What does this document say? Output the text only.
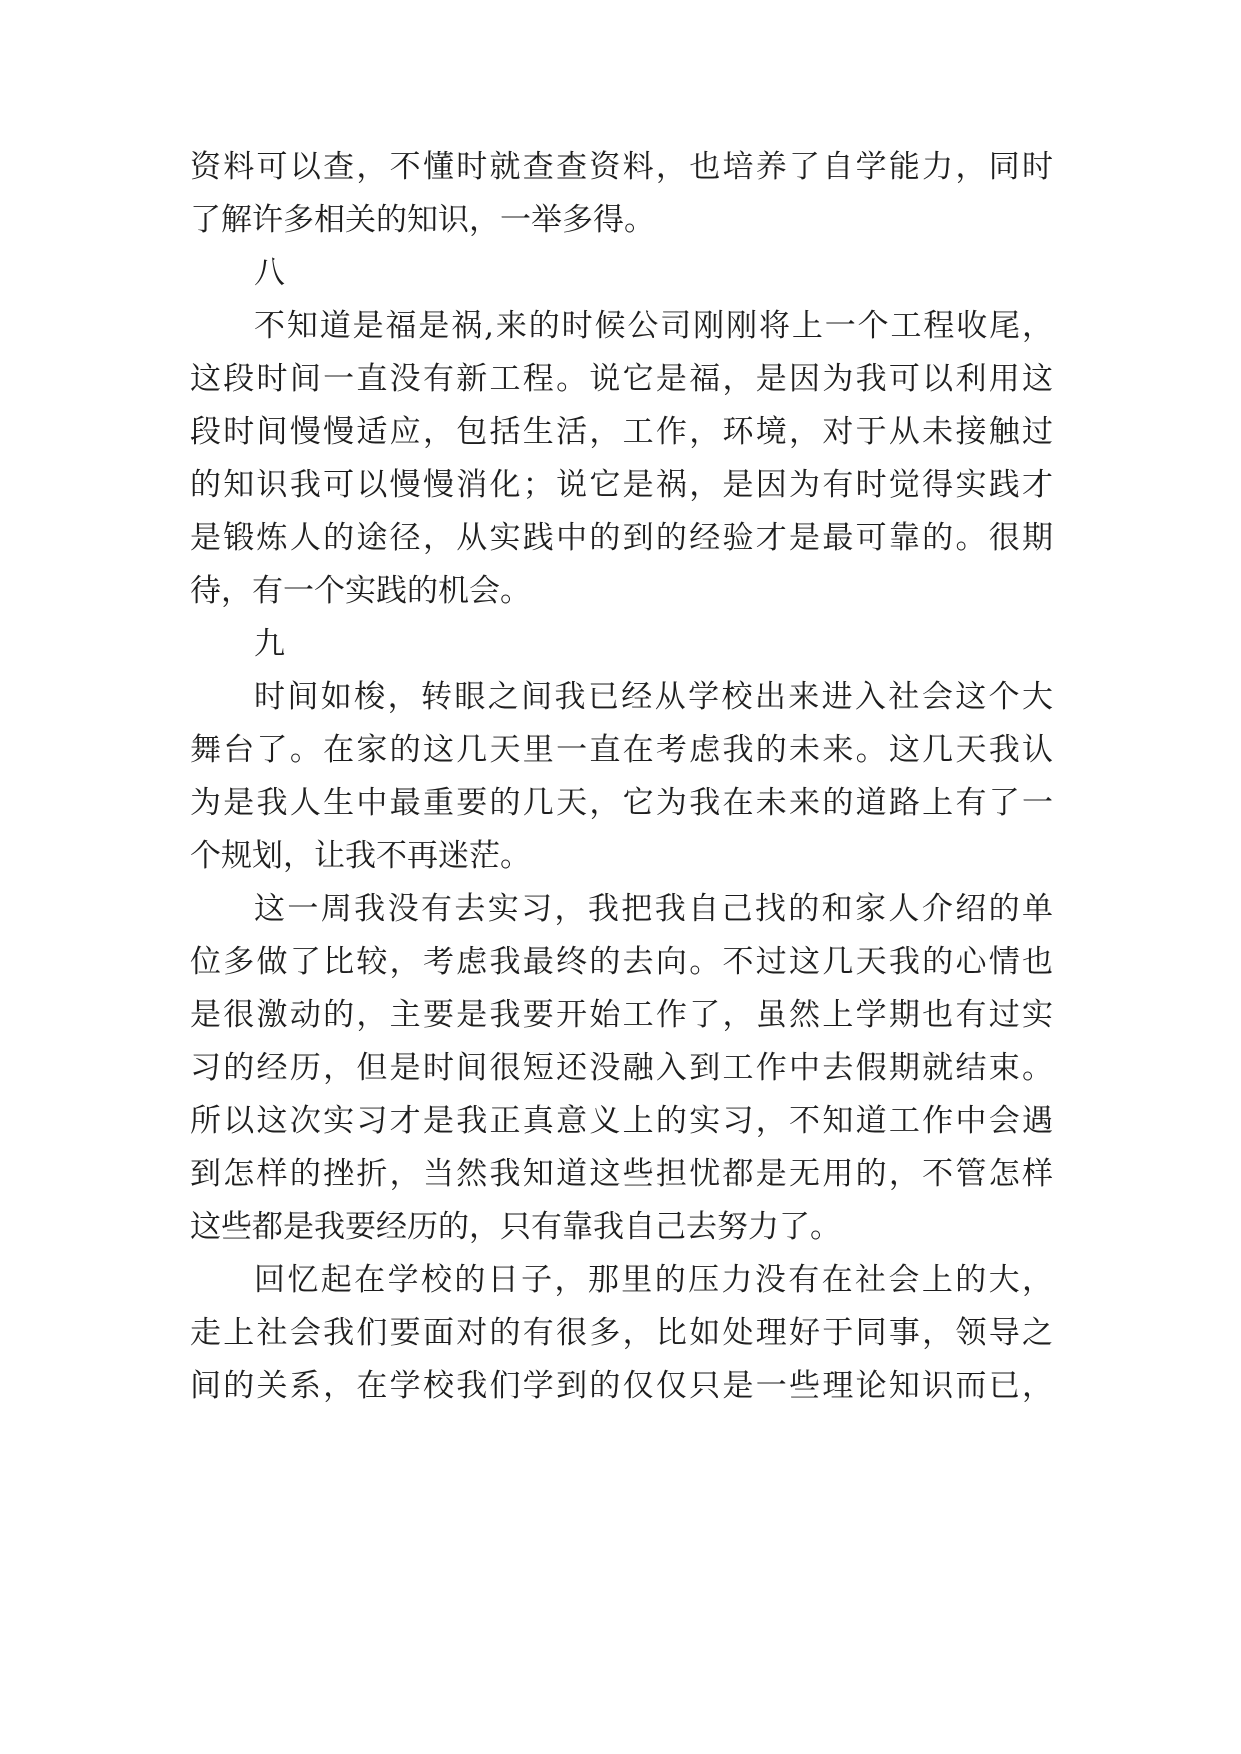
资料可以查，不懂时就查查资料，也培养了自学能力，同时
了解许多相关的知识，一举多得。
八
不知道是福是祸,来的时候公司刚刚将上一个工程收尾，
这段时间一直没有新工程。说它是福，是因为我可以利用这
段时间慢慢适应，包括生活，工作，环境，对于从未接触过
的知识我可以慢慢消化；说它是祸，是因为有时觉得实践才
是锻炼人的途径，从实践中的到的经验才是最可靠的。很期
待，有一个实践的机会。
九
时间如梭，转眼之间我已经从学校出来进入社会这个大
舞台了。在家的这几天里一直在考虑我的未来。这几天我认
为是我人生中最重要的几天，它为我在未来的道路上有了一
个规划，让我不再迷茫。
这一周我没有去实习，我把我自己找的和家人介绍的单
位多做了比较，考虑我最终的去向。不过这几天我的心情也
是很激动的，主要是我要开始工作了，虽然上学期也有过实
习的经历，但是时间很短还没融入到工作中去假期就结束。
所以这次实习才是我正真意义上的实习，不知道工作中会遇
到怎样的挫折，当然我知道这些担忧都是无用的，不管怎样
这些都是我要经历的，只有靠我自己去努力了。
回忆起在学校的日子，那里的压力没有在社会上的大，
走上社会我们要面对的有很多，比如处理好于同事，领导之
间的关系，在学校我们学到的仅仅只是一些理论知识而已，
